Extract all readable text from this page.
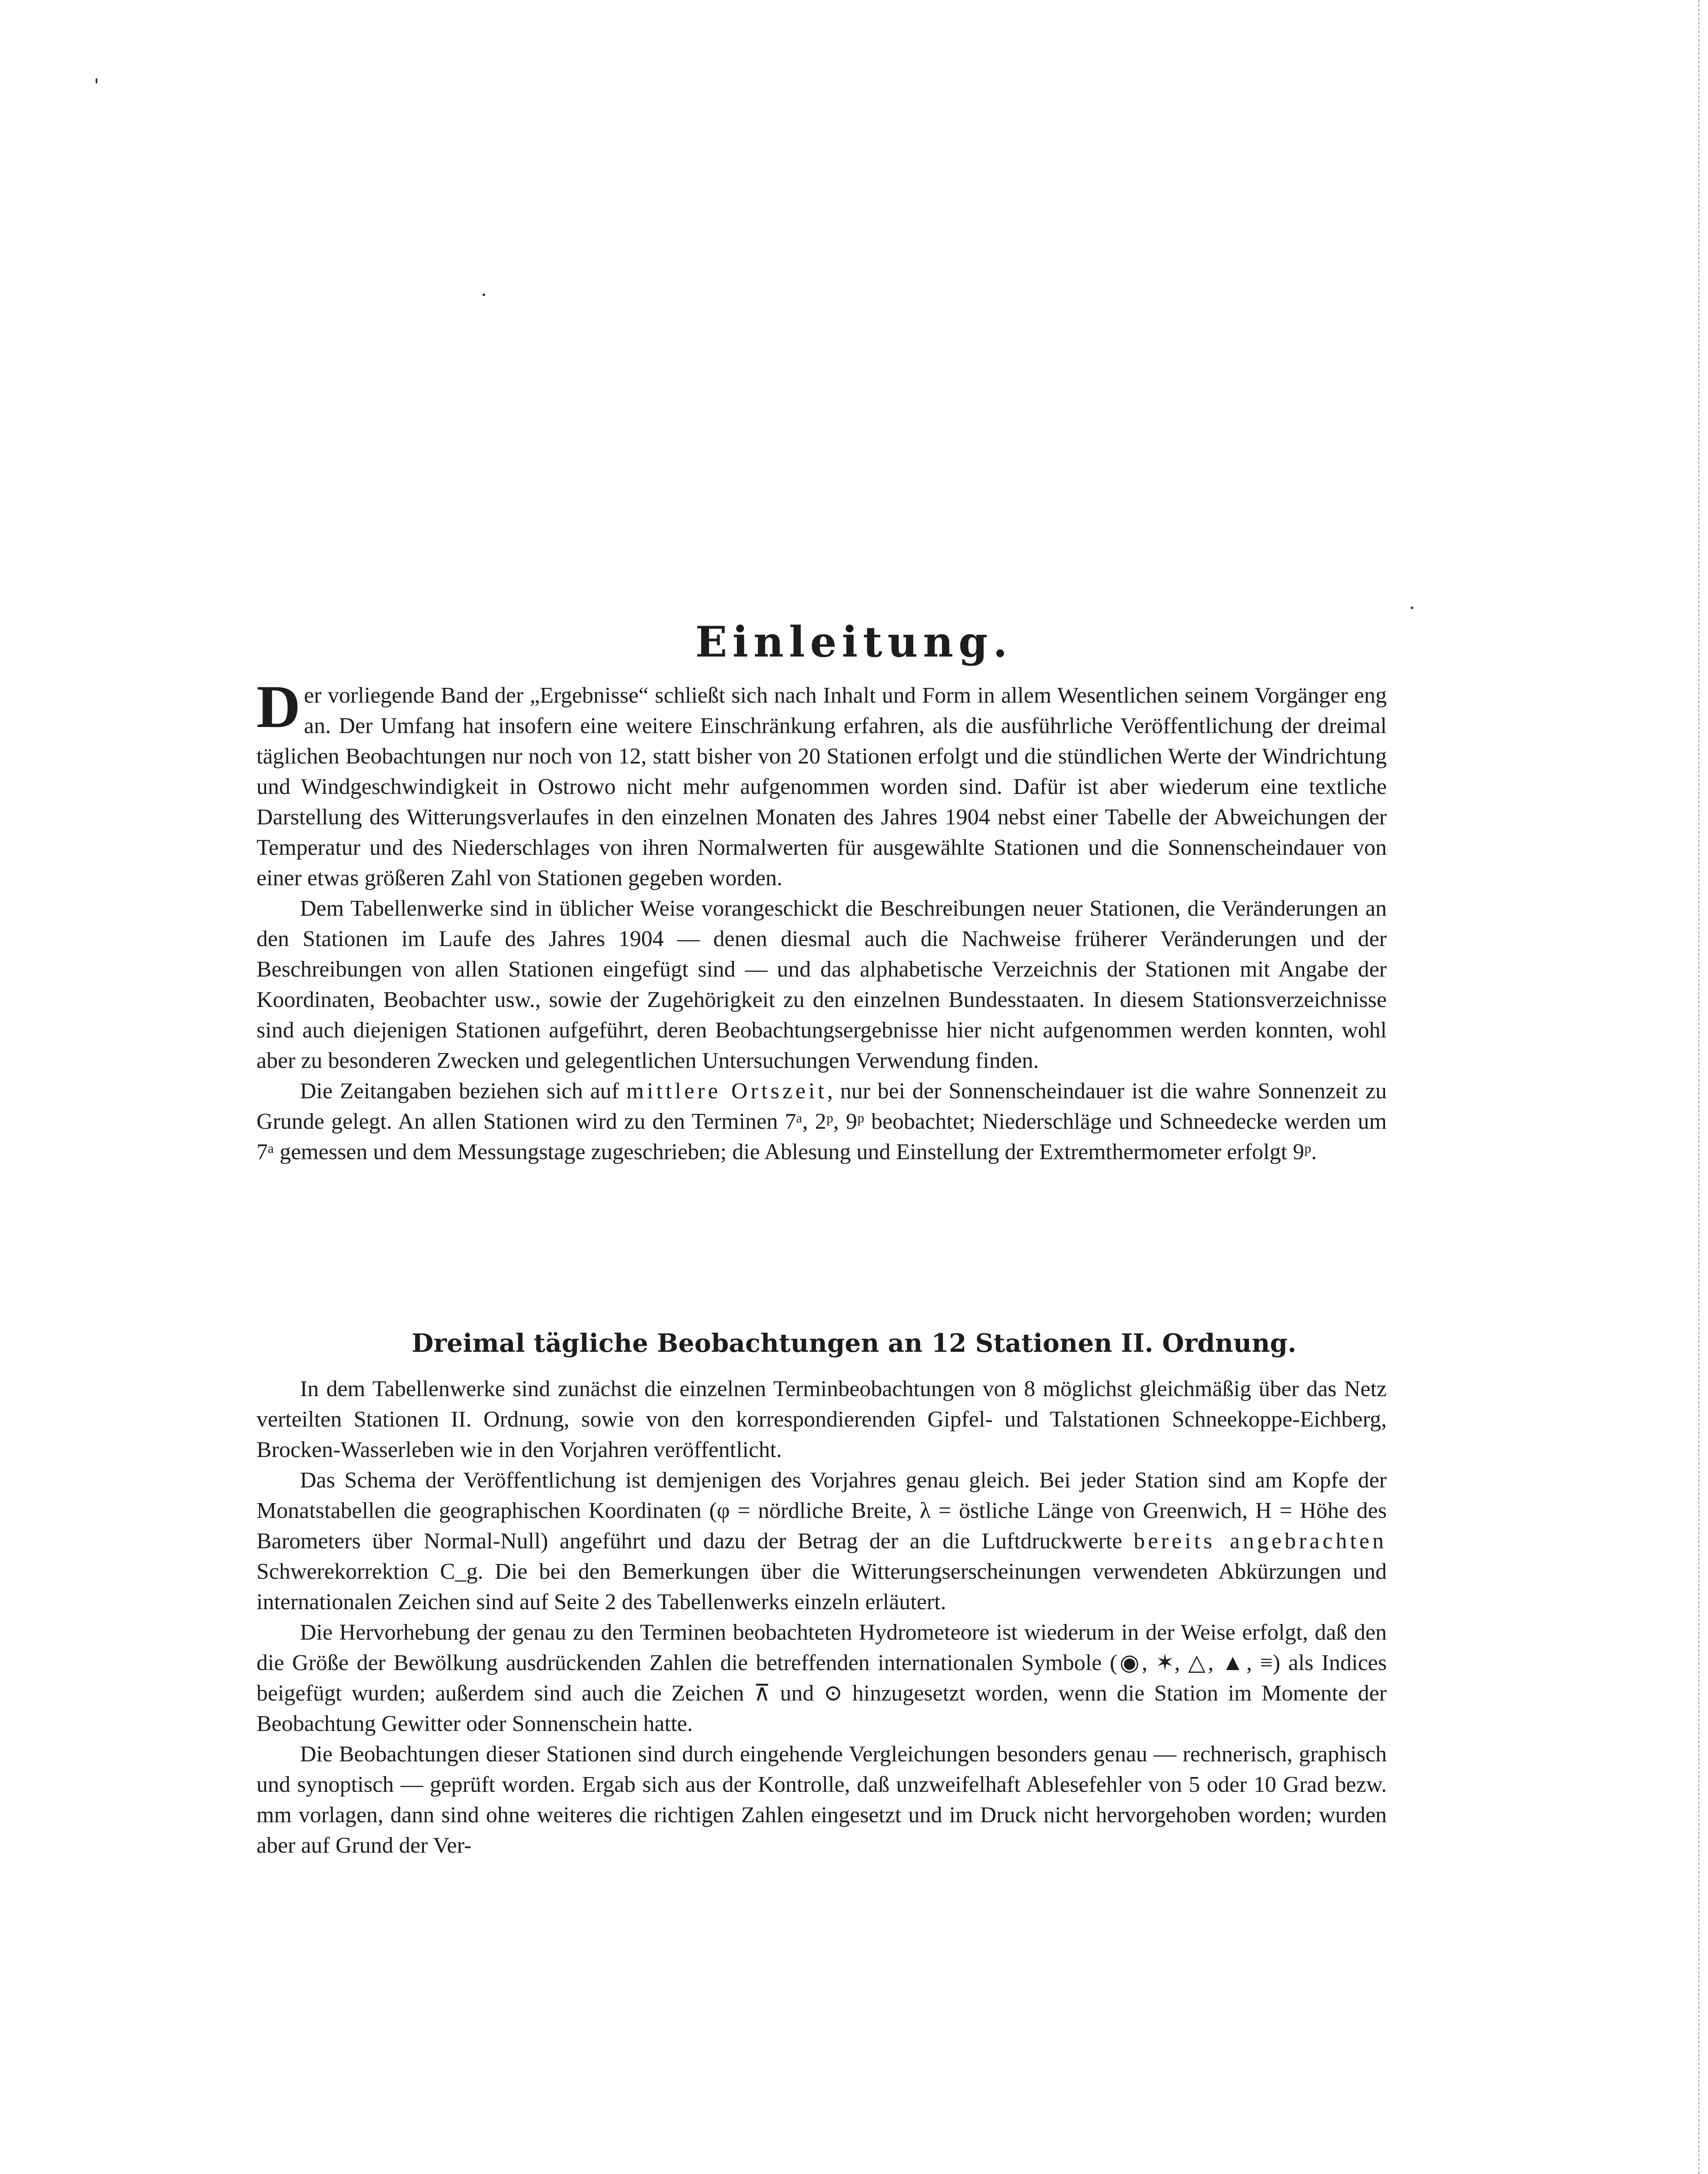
Einleitung.

Der vorliegende Band der „Ergebnisse“ schließt sich nach Inhalt und Form in allem Wesentlichen seinem Vorgänger eng an. Der Umfang hat insofern eine weitere Einschränkung erfahren, als die ausführliche Veröffentlichung der dreimal täglichen Beobachtungen nur noch von 12, statt bisher von 20 Stationen erfolgt und die stündlichen Werte der Windrichtung und Windgeschwindigkeit in Ostrowo nicht mehr aufgenommen worden sind. Dafür ist aber wiederum eine textliche Darstellung des Witterungsverlaufes in den einzelnen Monaten des Jahres 1904 nebst einer Tabelle der Abweichungen der Temperatur und des Niederschlages von ihren Normalwerten für ausgewählte Stationen und die Sonnenscheindauer von einer etwas größeren Zahl von Stationen gegeben worden.

Dem Tabellenwerke sind in üblicher Weise vorangeschickt die Beschreibungen neuer Stationen, die Veränderungen an den Stationen im Laufe des Jahres 1904 — denen diesmal auch die Nachweise früherer Veränderungen und der Beschreibungen von allen Stationen eingefügt sind — und das alphabetische Verzeichnis der Stationen mit Angabe der Koordinaten, Beobachter usw., sowie der Zugehörigkeit zu den einzelnen Bundesstaaten. In diesem Stationsverzeichnisse sind auch diejenigen Stationen aufgeführt, deren Beobachtungsergebnisse hier nicht aufgenommen werden konnten, wohl aber zu besonderen Zwecken und gelegentlichen Untersuchungen Verwendung finden.

Die Zeitangaben beziehen sich auf mittlere Ortszeit, nur bei der Sonnenscheindauer ist die wahre Sonnenzeit zu Grunde gelegt. An allen Stationen wird zu den Terminen 7ᵃ, 2ᵖ, 9ᵖ beobachtet; Niederschläge und Schneedecke werden um 7ᵃ gemessen und dem Messungstage zugeschrieben; die Ablesung und Einstellung der Extremthermometer erfolgt 9ᵖ.

Dreimal tägliche Beobachtungen an 12 Stationen II. Ordnung.

In dem Tabellenwerke sind zunächst die einzelnen Terminbeobachtungen von 8 möglichst gleichmäßig über das Netz verteilten Stationen II. Ordnung, sowie von den korrespondierenden Gipfel- und Talstationen Schneekoppe-Eichberg, Brocken-Wasserleben wie in den Vorjahren veröffentlicht.

Das Schema der Veröffentlichung ist demjenigen des Vorjahres genau gleich. Bei jeder Station sind am Kopfe der Monatstabellen die geographischen Koordinaten (φ = nördliche Breite, λ = östliche Länge von Greenwich, H = Höhe des Barometers über Normal-Null) angeführt und dazu der Betrag der an die Luftdruckwerte bereits angebrachten Schwerekorrektion C_g. Die bei den Bemerkungen über die Witterungserscheinungen verwendeten Abkürzungen und internationalen Zeichen sind auf Seite 2 des Tabellenwerks einzeln erläutert.

Die Hervorhebung der genau zu den Terminen beobachteten Hydrometeore ist wiederum in der Weise erfolgt, daß den die Größe der Bewölkung ausdrückenden Zahlen die betreffenden internationalen Symbole (◉, ✶, △, ▲, ≡) als Indices beigefügt wurden; außerdem sind auch die Zeichen ⊼ und ⊙ hinzugesetzt worden, wenn die Station im Momente der Beobachtung Gewitter oder Sonnenschein hatte.

Die Beobachtungen dieser Stationen sind durch eingehende Vergleichungen besonders genau — rechnerisch, graphisch und synoptisch — geprüft worden. Ergab sich aus der Kontrolle, daß unzweifelhaft Ablesefehler von 5 oder 10 Grad bezw. mm vorlagen, dann sind ohne weiteres die richtigen Zahlen eingesetzt und im Druck nicht hervorgehoben worden; wurden aber auf Grund der Ver-
